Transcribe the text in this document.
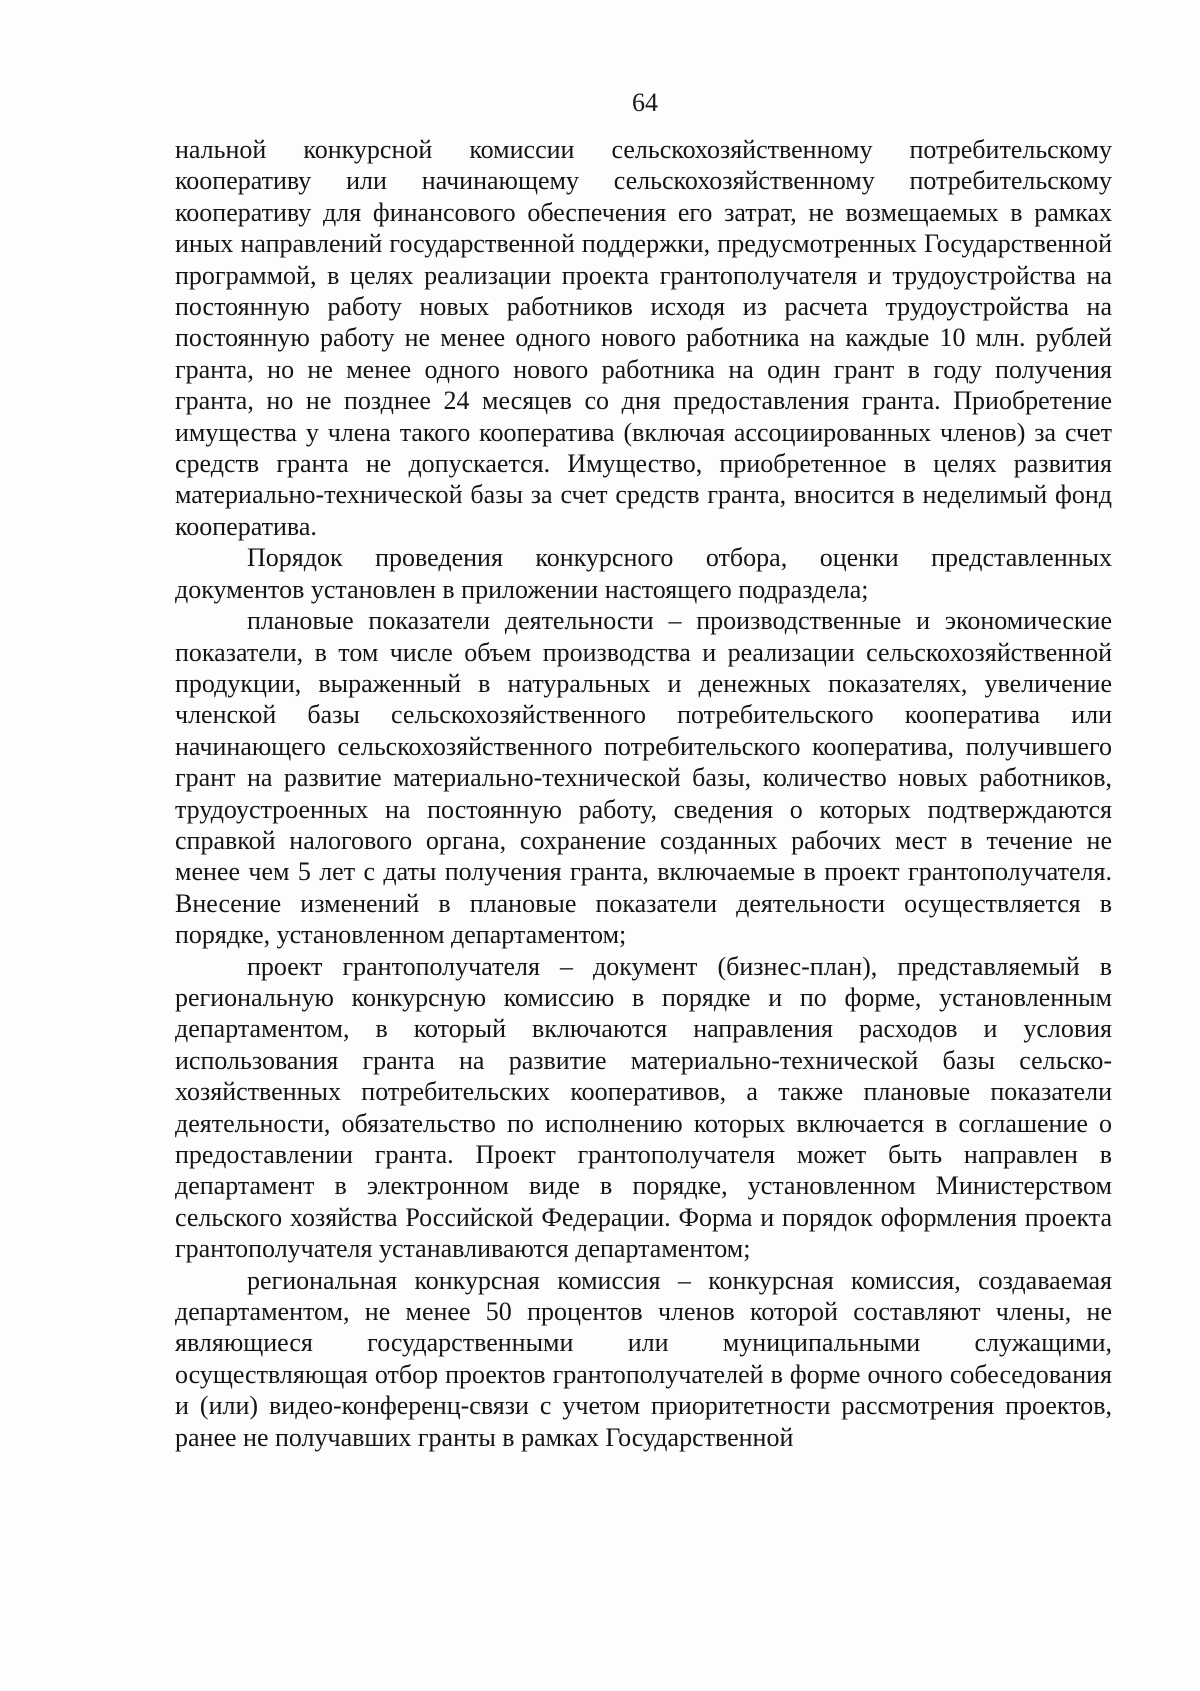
64

нальной конкурсной комиссии сельскохозяйственному потребительскому кооперативу или начинающему сельскохозяйственному потребительскому кооперативу для финансового обеспечения его затрат, не возмещаемых в рамках иных направлений государственной поддержки, предусмотренных Государственной программой, в целях реализации проекта грантополучателя и трудоустройства на постоянную работу новых работников исходя из расчета трудоустройства на постоянную работу не менее одного нового работника на каждые 10 млн. рублей гранта, но не менее одного нового работника на один грант в году получения гранта, но не позднее 24 месяцев со дня предоставления гранта. Приобретение имущества у члена такого кооператива (включая ассоциированных членов) за счет средств гранта не допускается. Имущество, приобретенное в целях развития материально-технической базы за счет средств гранта, вносится в неделимый фонд кооператива.

Порядок проведения конкурсного отбора, оценки представленных документов установлен в приложении настоящего подраздела;

плановые показатели деятельности – производственные и экономические показатели, в том числе объем производства и реализации сельскохозяйственной продукции, выраженный в натуральных и денежных показателях, увеличение членской базы сельскохозяйственного потребительского кооператива или начинающего сельскохозяйственного потребительского кооператива, получившего грант на развитие материально-технической базы, количество новых работников, трудоустроенных на постоянную работу, сведения о которых подтверждаются справкой налогового органа, сохранение созданных рабочих мест в течение не менее чем 5 лет с даты получения гранта, включаемые в проект грантополучателя. Внесение изменений в плановые показатели деятельности осуществляется в порядке, установленном департаментом;

проект грантополучателя – документ (бизнес-план), представляемый в региональную конкурсную комиссию в порядке и по форме, установленным департаментом, в который включаются направления расходов и условия использования гранта на развитие материально-технической базы сельскохозяйственных потребительских кооперативов, а также плановые показатели деятельности, обязательство по исполнению которых включается в соглашение о предоставлении гранта. Проект грантополучателя может быть направлен в департамент в электронном виде в порядке, установленном Министерством сельского хозяйства Российской Федерации. Форма и порядок оформления проекта грантополучателя устанавливаются департаментом;

региональная конкурсная комиссия – конкурсная комиссия, создаваемая департаментом, не менее 50 процентов членов которой составляют члены, не являющиеся государственными или муниципальными служащими, осуществляющая отбор проектов грантополучателей в форме очного собеседования и (или) видео-конференц-связи с учетом приоритетности рассмотрения проектов, ранее не получавших гранты в рамках Государственной
